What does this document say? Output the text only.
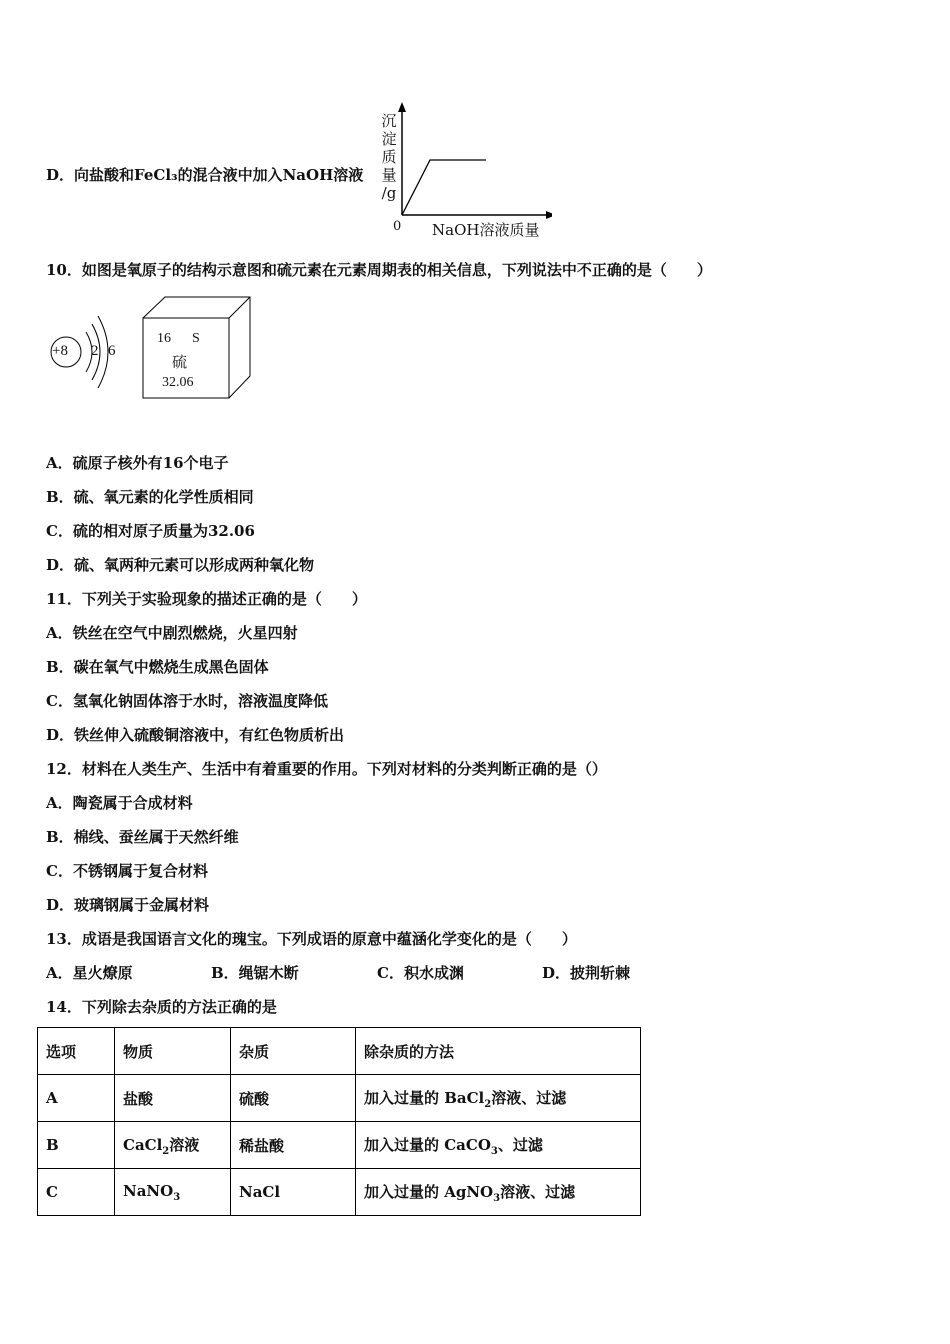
D．向盐酸和FeCl₃的混合液中加入NaOH溶液
沉
淀
质
量
/g
0 NaOH溶液质量
10．如图是氧原子的结构示意图和硫元素在元素周期表的相关信息，下列说法中不正确的是（　　）
+8 2 6
16 S
硫
32.06
A．硫原子核外有16个电子
B．硫、氧元素的化学性质相同
C．硫的相对原子质量为32.06
D．硫、氧两种元素可以形成两种氧化物
11．下列关于实验现象的描述正确的是（　　）
A．铁丝在空气中剧烈燃烧，火星四射
B．碳在氧气中燃烧生成黑色固体
C．氢氧化钠固体溶于水时，溶液温度降低
D．铁丝伸入硫酸铜溶液中，有红色物质析出
12．材料在人类生产、生活中有着重要的作用。下列对材料的分类判断正确的是（）
A．陶瓷属于合成材料
B．棉线、蚕丝属于天然纤维
C．不锈钢属于复合材料
D．玻璃钢属于金属材料
13．成语是我国语言文化的瑰宝。下列成语的原意中蕴涵化学变化的是（　　）
A．星火燎原	B．绳锯木断	C．积水成渊	D．披荆斩棘
14．下列除去杂质的方法正确的是
选项	物质	杂质	除杂质的方法
A	盐酸	硫酸	加入过量的 BaCl$_2$溶液、过滤
B	CaCl$_2$溶液	稀盐酸	加入过量的 CaCO$_3$、过滤
C	NaNO$_3$	NaCl	加入过量的 AgNO$_3$溶液、过滤
